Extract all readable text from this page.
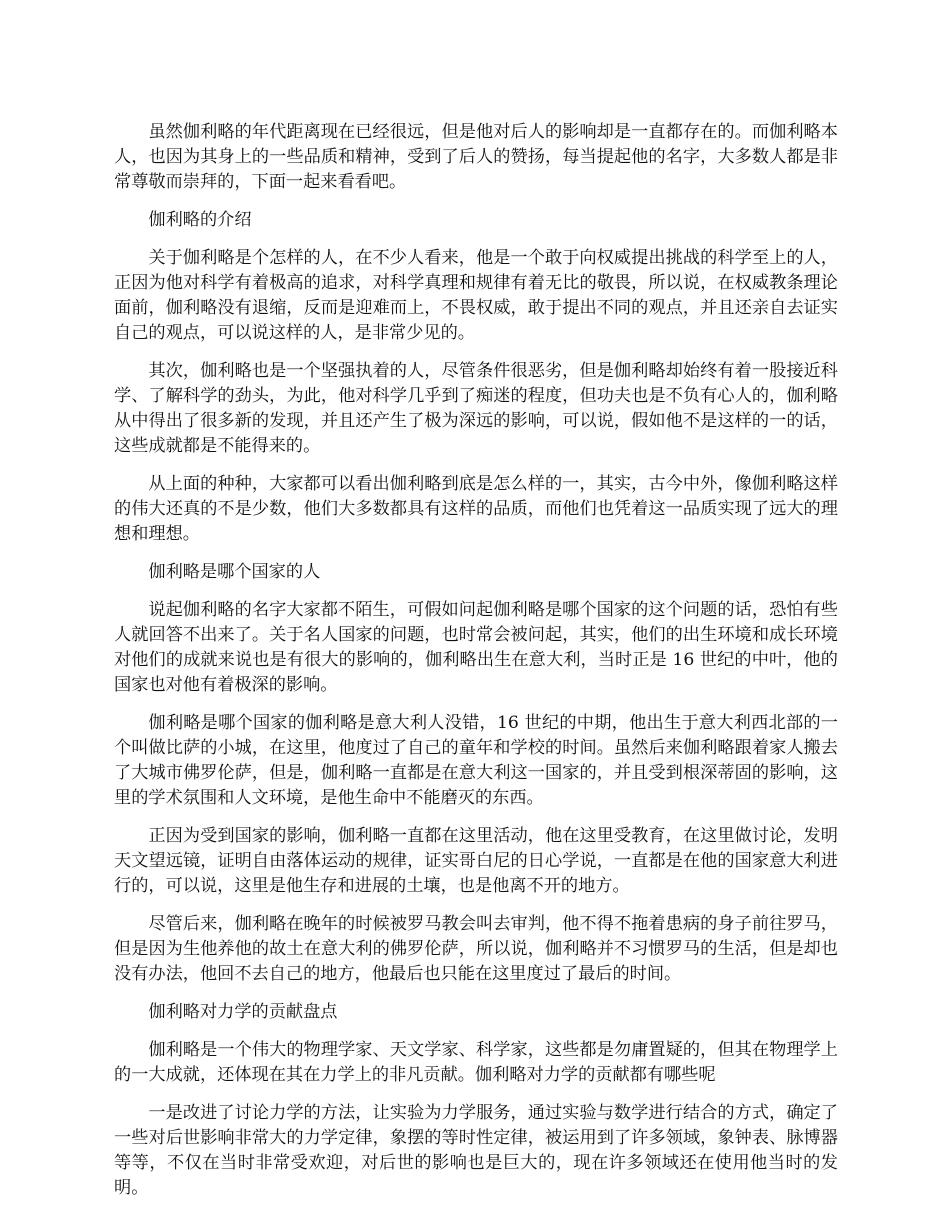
虽然伽利略的年代距离现在已经很远，但是他对后人的影响却是一直都存在的。而伽利略本人，也因为其身上的一些品质和精神，受到了后人的赞扬，每当提起他的名字，大多数人都是非常尊敬而崇拜的，下面一起来看看吧。

伽利略的介绍

关于伽利略是个怎样的人，在不少人看来，他是一个敢于向权威提出挑战的科学至上的人，正因为他对科学有着极高的追求，对科学真理和规律有着无比的敬畏，所以说，在权威教条理论面前，伽利略没有退缩，反而是迎难而上，不畏权威，敢于提出不同的观点，并且还亲自去证实自己的观点，可以说这样的人，是非常少见的。

其次，伽利略也是一个坚强执着的人，尽管条件很恶劣，但是伽利略却始终有着一股接近科学、了解科学的劲头，为此，他对科学几乎到了痴迷的程度，但功夫也是不负有心人的，伽利略从中得出了很多新的发现，并且还产生了极为深远的影响，可以说，假如他不是这样的一的话，这些成就都是不能得来的。

从上面的种种，大家都可以看出伽利略到底是怎么样的一，其实，古今中外，像伽利略这样的伟大还真的不是少数，他们大多数都具有这样的品质，而他们也凭着这一品质实现了远大的理想和理想。

伽利略是哪个国家的人

说起伽利略的名字大家都不陌生，可假如问起伽利略是哪个国家的这个问题的话，恐怕有些人就回答不出来了。关于名人国家的问题，也时常会被问起，其实，他们的出生环境和成长环境对他们的成就来说也是有很大的影响的，伽利略出生在意大利，当时正是 16 世纪的中叶，他的国家也对他有着极深的影响。

伽利略是哪个国家的伽利略是意大利人没错，16 世纪的中期，他出生于意大利西北部的一个叫做比萨的小城，在这里，他度过了自己的童年和学校的时间。虽然后来伽利略跟着家人搬去了大城市佛罗伦萨，但是，伽利略一直都是在意大利这一国家的，并且受到根深蒂固的影响，这里的学术氛围和人文环境，是他生命中不能磨灭的东西。

正因为受到国家的影响，伽利略一直都在这里活动，他在这里受教育，在这里做讨论，发明天文望远镜，证明自由落体运动的规律，证实哥白尼的日心学说，一直都是在他的国家意大利进行的，可以说，这里是他生存和进展的土壤，也是他离不开的地方。

尽管后来，伽利略在晚年的时候被罗马教会叫去审判，他不得不拖着患病的身子前往罗马，但是因为生他养他的故土在意大利的佛罗伦萨，所以说，伽利略并不习惯罗马的生活，但是却也没有办法，他回不去自己的地方，他最后也只能在这里度过了最后的时间。

伽利略对力学的贡献盘点

伽利略是一个伟大的物理学家、天文学家、科学家，这些都是勿庸置疑的，但其在物理学上的一大成就，还体现在其在力学上的非凡贡献。伽利略对力学的贡献都有哪些呢

一是改进了讨论力学的方法，让实验为力学服务，通过实验与数学进行结合的方式，确定了一些对后世影响非常大的力学定律，象摆的等时性定律，被运用到了许多领域，象钟表、脉博器等等，不仅在当时非常受欢迎，对后世的影响也是巨大的，现在许多领域还在使用他当时的发明。
